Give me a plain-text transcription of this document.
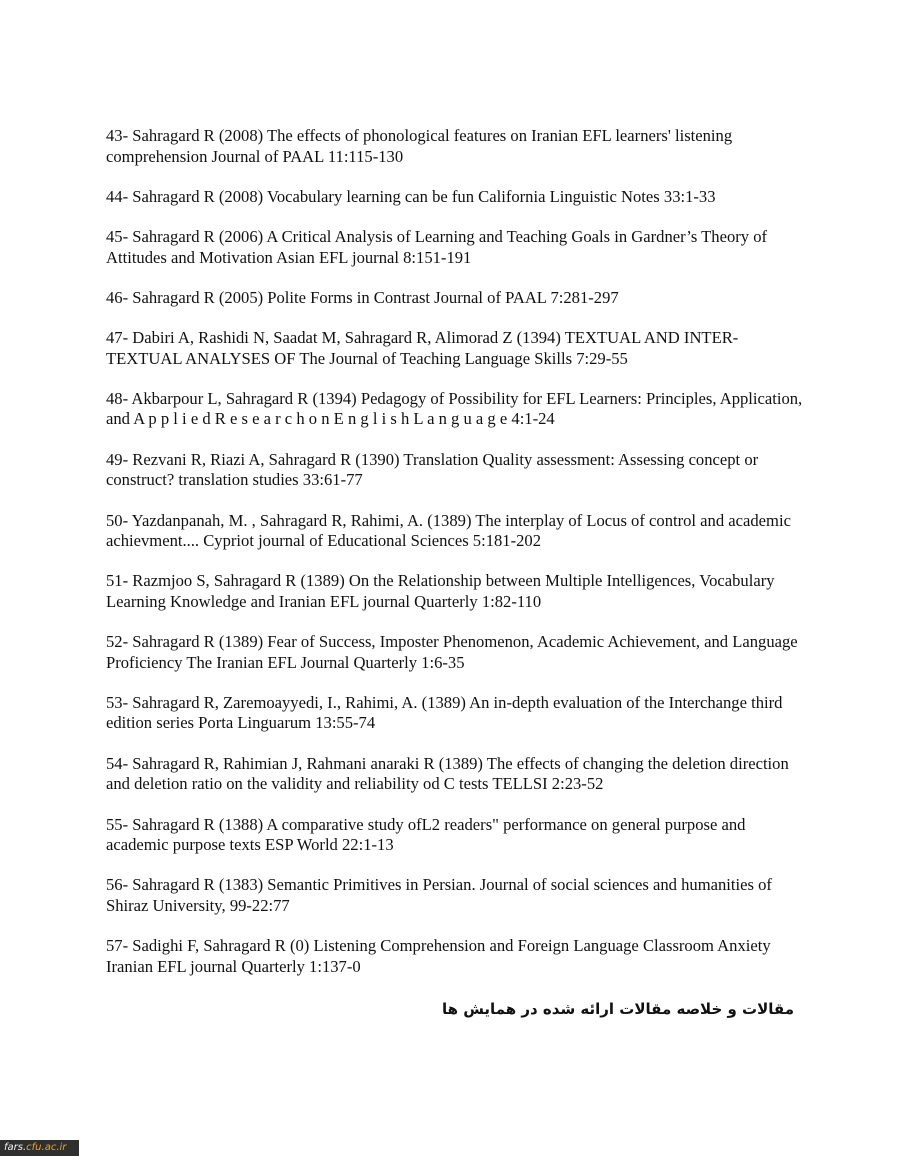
43- Sahragard R (2008) The effects of phonological features on Iranian EFL learners' listening comprehension Journal of PAAL 11:115-130
44- Sahragard R (2008) Vocabulary learning can be fun California Linguistic Notes 33:1-33
45- Sahragard R (2006) A Critical Analysis of Learning and Teaching Goals in Gardner’s Theory of Attitudes and Motivation Asian EFL journal 8:151-191
46- Sahragard R (2005) Polite Forms in Contrast Journal of PAAL 7:281-297
47- Dabiri A, Rashidi N, Saadat M, Sahragard R, Alimorad Z (1394) TEXTUAL AND INTER-TEXTUAL ANALYSES OF The Journal of Teaching Language Skills 7:29-55
48- Akbarpour L, Sahragard R (1394) Pedagogy of Possibility for EFL Learners: Principles, Application, and A p p l i e d R e s e a r c h o n E n g l i s h L a n g u a g e 4:1-24
49- Rezvani R, Riazi A, Sahragard R (1390) Translation Quality assessment: Assessing concept or construct? translation studies 33:61-77
50- Yazdanpanah, M. , Sahragard R, Rahimi, A. (1389) The interplay of Locus of control and academic achievment.... Cypriot journal of Educational Sciences 5:181-202
51- Razmjoo S, Sahragard R (1389) On the Relationship between Multiple Intelligences, Vocabulary Learning Knowledge and Iranian EFL journal Quarterly 1:82-110
52- Sahragard R (1389) Fear of Success, Imposter Phenomenon, Academic Achievement, and Language Proficiency The Iranian EFL Journal Quarterly 1:6-35
53- Sahragard R, Zaremoayyedi, I., Rahimi, A. (1389) An in-depth evaluation of the Interchange third edition series Porta Linguarum 13:55-74
54- Sahragard R, Rahimian J, Rahmani anaraki R (1389) The effects of changing the deletion direction and deletion ratio on the validity and reliability od C tests TELLSI 2:23-52
55- Sahragard R (1388) A comparative study ofL2 readers" performance on general purpose and academic purpose texts ESP World 22:1-13
56- Sahragard R (1383) Semantic Primitives in Persian. Journal of social sciences and humanities of Shiraz University, 99-22:77
57- Sadighi F, Sahragard R (0) Listening Comprehension and Foreign Language Classroom Anxiety Iranian EFL journal Quarterly 1:137-0

مقالات و خلاصه مقالات ارائه شده در همایش ها

fars.cfu.ac.ir
